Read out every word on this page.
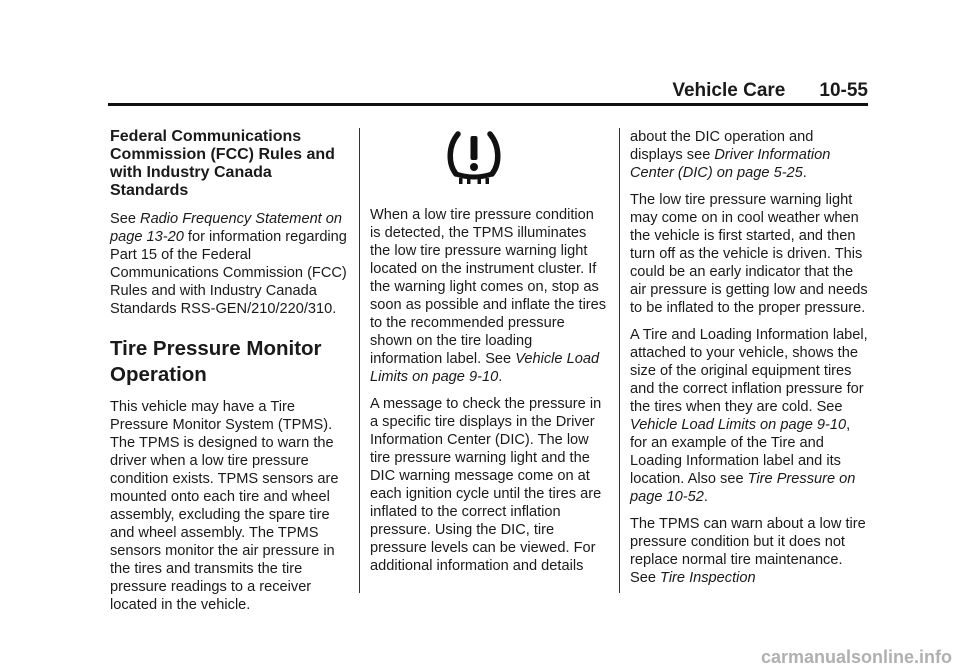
Vehicle Care 10-55
Federal Communications Commission (FCC) Rules and with Industry Canada Standards

See Radio Frequency Statement on page 13-20 for information regarding Part 15 of the Federal Communications Commission (FCC) Rules and with Industry Canada Standards RSS-GEN/210/220/310.

Tire Pressure Monitor Operation

This vehicle may have a Tire Pressure Monitor System (TPMS). The TPMS is designed to warn the driver when a low tire pressure condition exists. TPMS sensors are mounted onto each tire and wheel assembly, excluding the spare tire and wheel assembly. The TPMS sensors monitor the air pressure in the tires and transmits the tire pressure readings to a receiver located in the vehicle.

When a low tire pressure condition is detected, the TPMS illuminates the low tire pressure warning light located on the instrument cluster. If the warning light comes on, stop as soon as possible and inflate the tires to the recommended pressure shown on the tire loading information label. See Vehicle Load Limits on page 9-10.

A message to check the pressure in a specific tire displays in the Driver Information Center (DIC). The low tire pressure warning light and the DIC warning message come on at each ignition cycle until the tires are inflated to the correct inflation pressure. Using the DIC, tire pressure levels can be viewed. For additional information and details

about the DIC operation and displays see Driver Information Center (DIC) on page 5-25.

The low tire pressure warning light may come on in cool weather when the vehicle is first started, and then turn off as the vehicle is driven. This could be an early indicator that the air pressure is getting low and needs to be inflated to the proper pressure.

A Tire and Loading Information label, attached to your vehicle, shows the size of the original equipment tires and the correct inflation pressure for the tires when they are cold. See Vehicle Load Limits on page 9-10, for an example of the Tire and Loading Information label and its location. Also see Tire Pressure on page 10-52.

The TPMS can warn about a low tire pressure condition but it does not replace normal tire maintenance. See Tire Inspection

carmanualsonline.info
